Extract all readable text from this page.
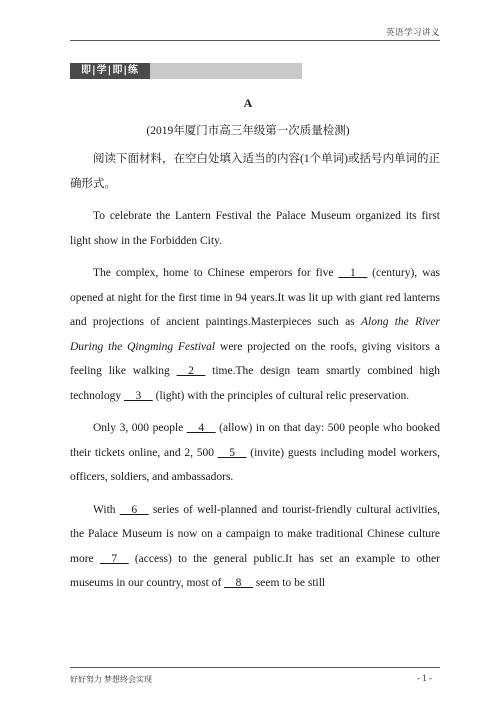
英语学习讲义
即|学|即|练
A
(2019年厦门市高三年级第一次质量检测)

阅读下面材料，在空白处填入适当的内容(1个单词)或括号内单词的正确形式。

To celebrate the Lantern Festival the Palace Museum organized its first light show in the Forbidden City.

The complex, home to Chinese emperors for five __1__ (century), was opened at night for the first time in 94 years.It was lit up with giant red lanterns and projections of ancient paintings.Masterpieces such as Along the River During the Qingming Festival were projected on the roofs, giving visitors a feeling like walking __2__ time.The design team smartly combined high technology __3__ (light) with the principles of cultural relic preservation.

Only 3, 000 people __4__ (allow) in on that day: 500 people who booked their tickets online, and 2, 500 __5__ (invite) guests including model workers, officers, soldiers, and ambassadors.

With __6__ series of well-planned and tourist-friendly cultural activities, the Palace Museum is now on a campaign to make traditional Chinese culture more __7__ (access) to the general public.It has set an example to other museums in our country, most of __8__ seem to be still

好好努力 梦想终会实现	- 1 -
